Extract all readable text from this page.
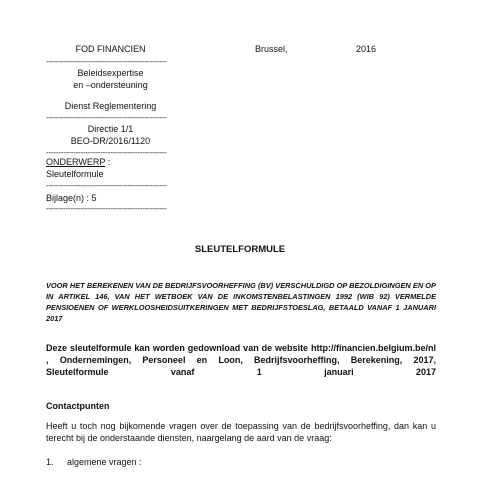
FOD FINANCIEN	Brussel,	2016
-------------------------------------------------
Beleidsexpertise
en –ondersteuning
Dienst Reglementering
-------------------------------------------------
Directie 1/1
BEO-DR/2016/1120
-------------------------------------------------
ONDERWERP :
Sleutelformule
-------------------------------------------------
Bijlage(n) : 5
-------------------------------------------------
SLEUTELFORMULE
VOOR HET BEREKENEN VAN DE BEDRIJFSVOORHEFFING (BV) VERSCHULDIGD OP BEZOLDIGINGEN EN OP IN ARTIKEL 146, VAN HET WETBOEK VAN DE INKOMSTENBELASTINGEN 1992 (WIB 92) VERMELDE PENSIOENEN OF WERKLOOSHEIDSUITKERINGEN MET BEDRIJFSTOESLAG, BETAALD VANAF 1 JANUARI 2017
Deze sleutelformule kan worden gedownload van de website http://financien.belgium.be/nl , Ondernemingen, Personeel en Loon, Bedrijfsvoorheffing, Berekening, 2017, Sleutelformule vanaf 1 januari 2017
Contactpunten
Heeft u toch nog bijkomende vragen over de toepassing van de bedrijfsvoorheffing, dan kan u terecht bij de onderstaande diensten, naargelang de aard van de vraag:
1. algemene vragen :
